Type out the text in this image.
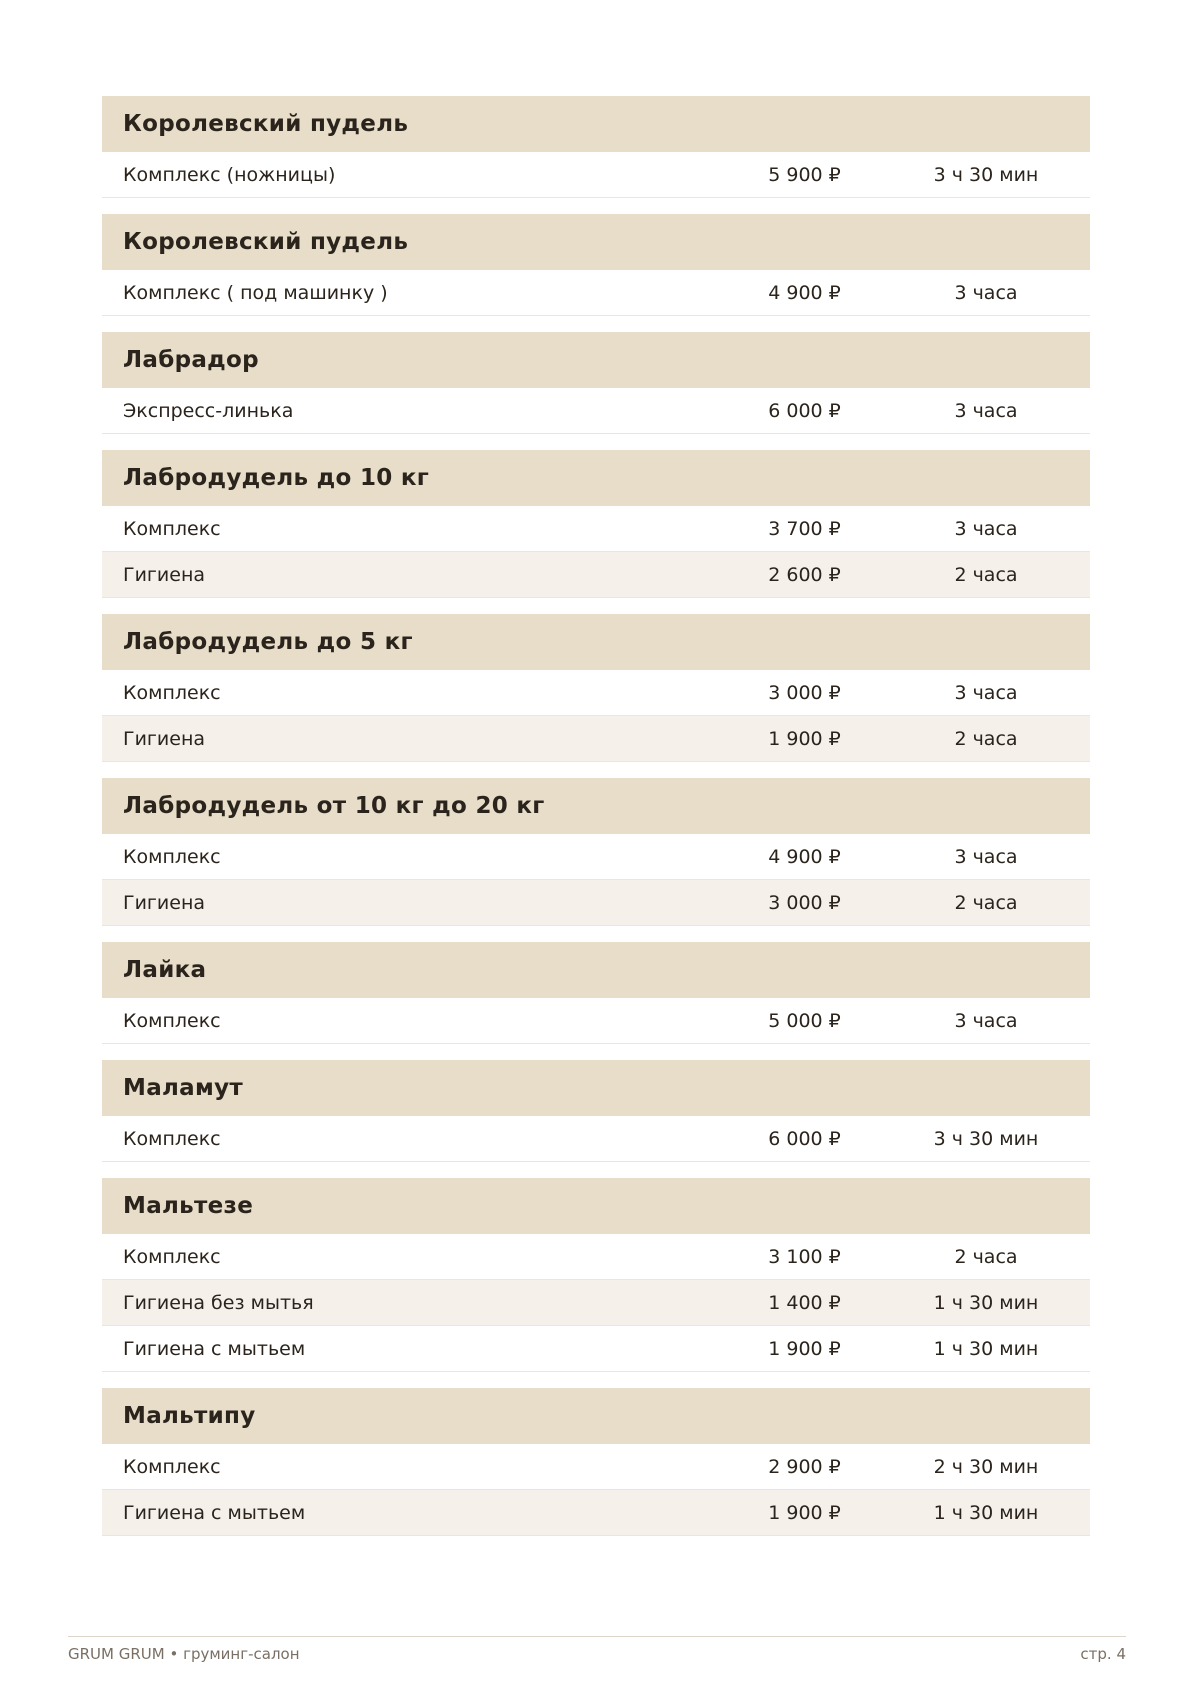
Королевский пудель
Комплекс (ножницы)	5 900 ₽	3 ч 30 мин
Королевский пудель
Комплекс ( под машинку )	4 900 ₽	3 часа
Лабрадор
Экспресс-линька	6 000 ₽	3 часа
Лабродудель до 10 кг
Комплекс	3 700 ₽	3 часа
Гигиена	2 600 ₽	2 часа
Лабродудель до 5 кг
Комплекс	3 000 ₽	3 часа
Гигиена	1 900 ₽	2 часа
Лабродудель от 10 кг до 20 кг
Комплекс	4 900 ₽	3 часа
Гигиена	3 000 ₽	2 часа
Лайка
Комплекс	5 000 ₽	3 часа
Маламут
Комплекс	6 000 ₽	3 ч 30 мин
Мальтезе
Комплекс	3 100 ₽	2 часа
Гигиена без мытья	1 400 ₽	1 ч 30 мин
Гигиена с мытьем	1 900 ₽	1 ч 30 мин
Мальтипу
Комплекс	2 900 ₽	2 ч 30 мин
Гигиена с мытьем	1 900 ₽	1 ч 30 мин
GRUM GRUM • груминг-салон	стр. 4
